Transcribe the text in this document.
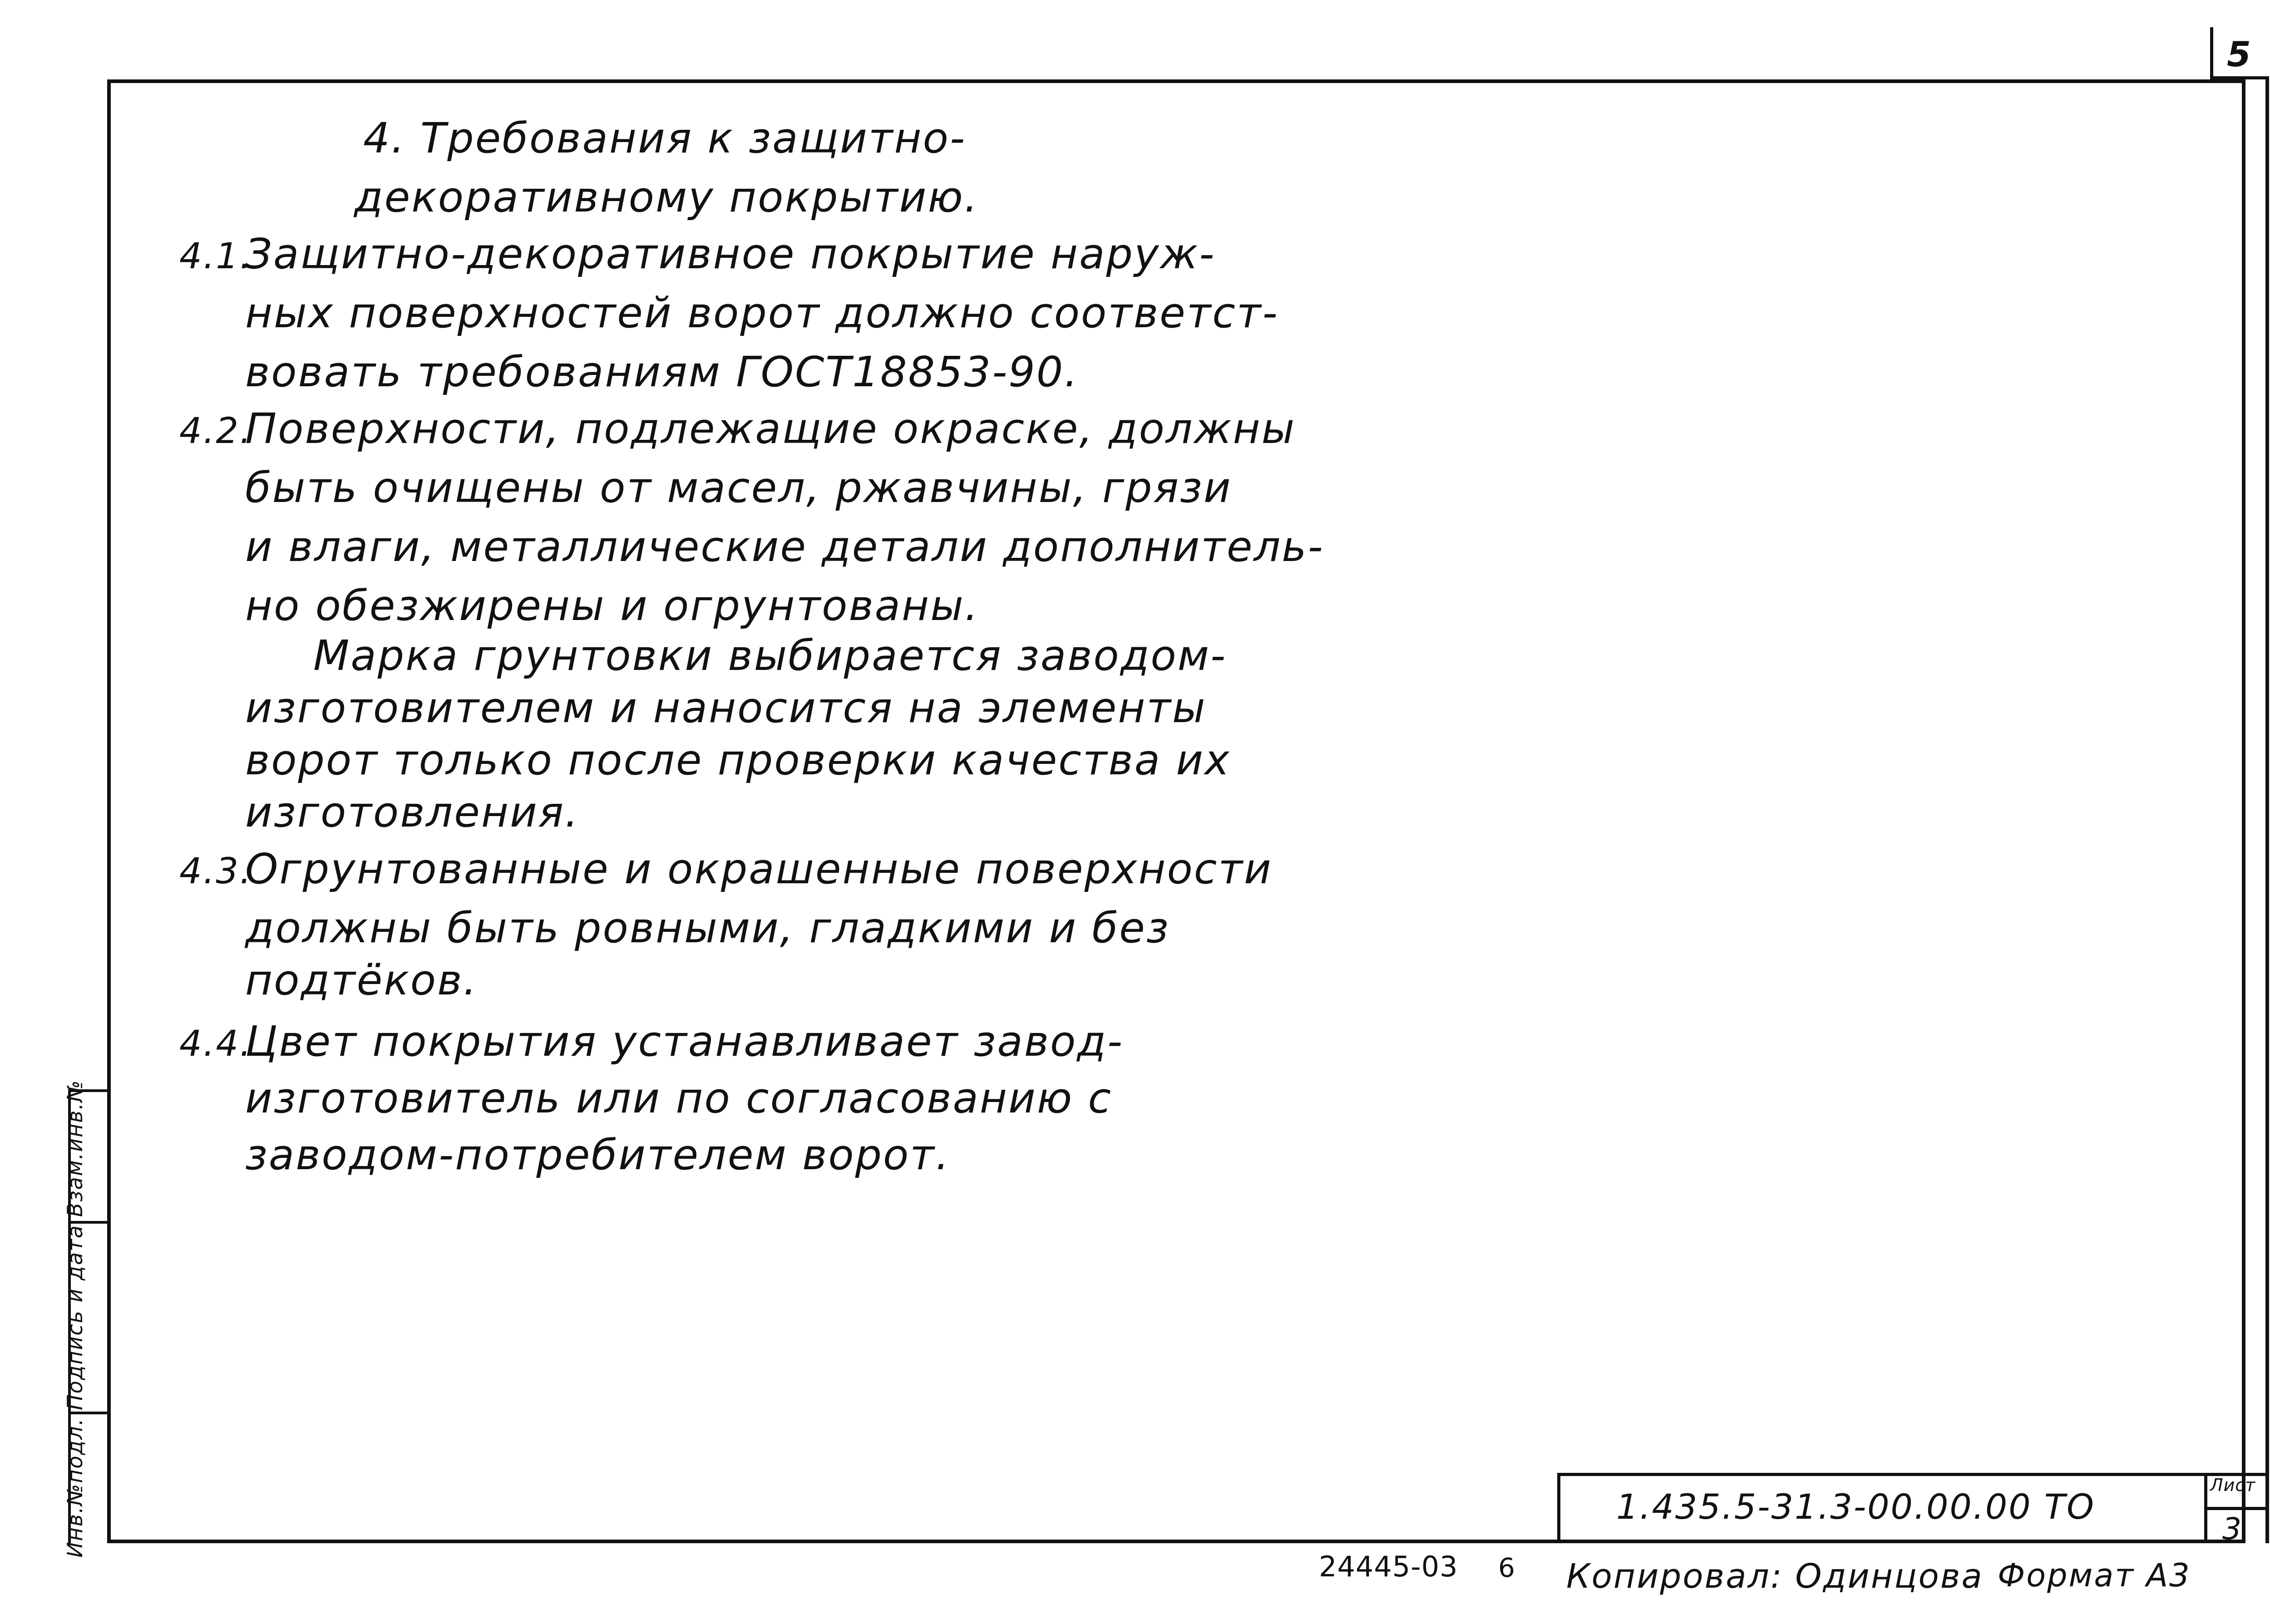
5
4. Требования к защитно-
декоративному покрытию.
4.1.
Защитно-декоративное покрытие наруж-
ных поверхностей ворот должно соответст-
вовать требованиям ГОСТ18853-90.
4.2.
Поверхности, подлежащие окраске, должны
быть очищены от масел, ржавчины, грязи
и влаги, металлические детали дополнитель-
но обезжирены и огрунтованы.
Марка грунтовки выбирается заводом-
изготовителем и наносится на элементы
ворот только после проверки качества их
изготовления.
4.3.
Огрунтованные и окрашенные поверхности
должны быть ровными, гладкими и без
подтёков.
4.4.
Цвет покрытия устанавливает завод-
изготовитель или по согласованию с
заводом-потребителем ворот.
Инв.№подл. Подпись и дата Взам.инв.№	1.435.5-31.3-00.00.00 ТО
Лист
3
24445-03 6 Копировал: Одинцова Формат А3
